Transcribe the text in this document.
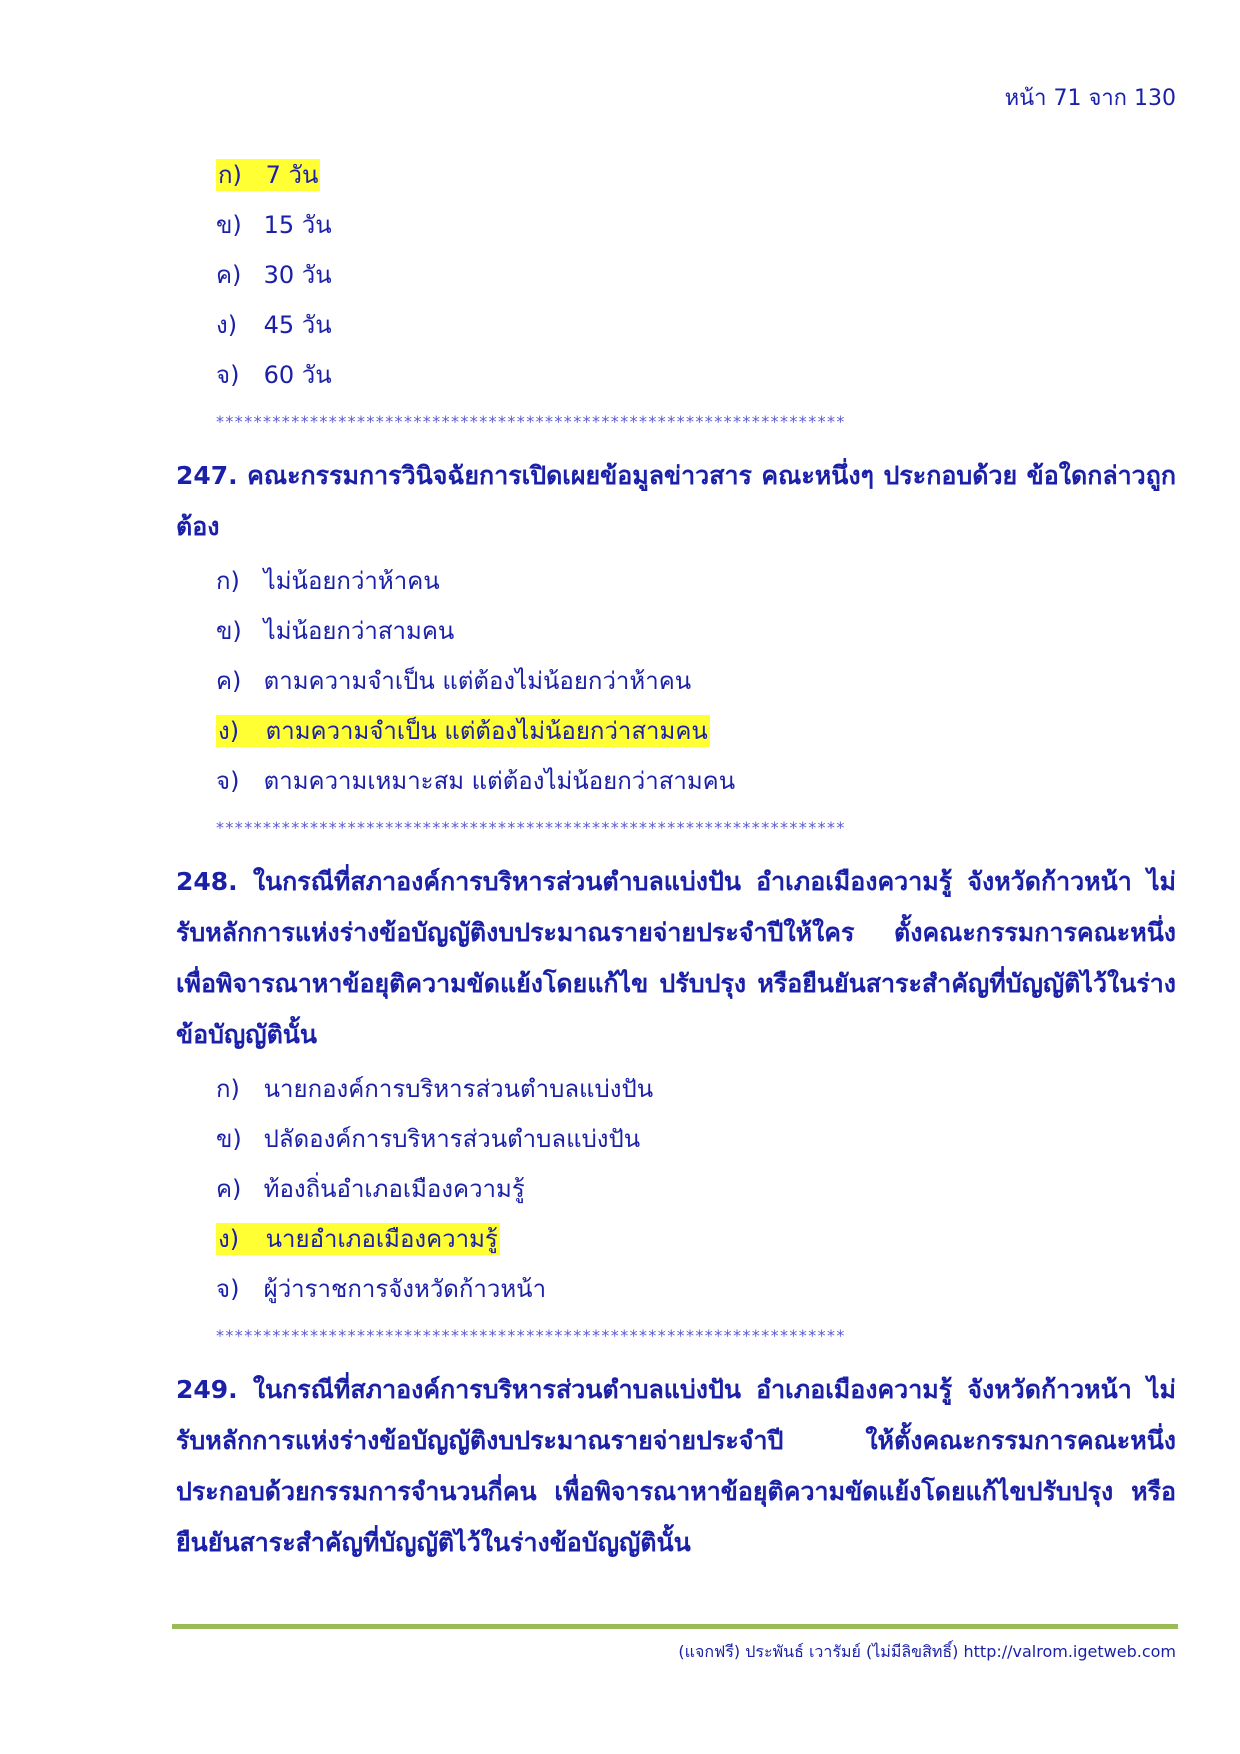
หน้า 71 จาก 130
ก) 7 วัน
ข) 15 วัน
ค) 30 วัน
ง) 45 วัน
จ) 60 วัน
*******************************************************************
247. คณะกรรมการวินิจฉัยการเปิดเผยข้อมูลข่าวสาร คณะหนึ่งๆ ประกอบด้วย ข้อใดกล่าวถูกต้อง
ก) ไม่น้อยกว่าห้าคน
ข) ไม่น้อยกว่าสามคน
ค) ตามความจำเป็น แต่ต้องไม่น้อยกว่าห้าคน
ง) ตามความจำเป็น แต่ต้องไม่น้อยกว่าสามคน
จ) ตามความเหมาะสม แต่ต้องไม่น้อยกว่าสามคน
*******************************************************************
248. ในกรณีที่สภาองค์การบริหารส่วนตำบลแบ่งปัน อำเภอเมืองความรู้ จังหวัดก้าวหน้า ไม่รับหลักการแห่งร่างข้อบัญญัติงบประมาณรายจ่ายประจำปีให้ใคร ตั้งคณะกรรมการคณะหนึ่งเพื่อพิจารณาหาข้อยุติความขัดแย้งโดยแก้ไข ปรับปรุง หรือยืนยันสาระสำคัญที่บัญญัติไว้ในร่างข้อบัญญัตินั้น
ก) นายกองค์การบริหารส่วนตำบลแบ่งปัน
ข) ปลัดองค์การบริหารส่วนตำบลแบ่งปัน
ค) ท้องถิ่นอำเภอเมืองความรู้
ง) นายอำเภอเมืองความรู้
จ) ผู้ว่าราชการจังหวัดก้าวหน้า
*******************************************************************
249. ในกรณีที่สภาองค์การบริหารส่วนตำบลแบ่งปัน อำเภอเมืองความรู้ จังหวัดก้าวหน้า ไม่รับหลักการแห่งร่างข้อบัญญัติงบประมาณรายจ่ายประจำปี ให้ตั้งคณะกรรมการคณะหนึ่งประกอบด้วยกรรมการจำนวนกี่คน เพื่อพิจารณาหาข้อยุติความขัดแย้งโดยแก้ไขปรับปรุง หรือยืนยันสาระสำคัญที่บัญญัติไว้ในร่างข้อบัญญัตินั้น
(แจกฟรี) ประพันธ์ เวารัมย์ (ไม่มีลิขสิทธิ์) http://valrom.igetweb.com
